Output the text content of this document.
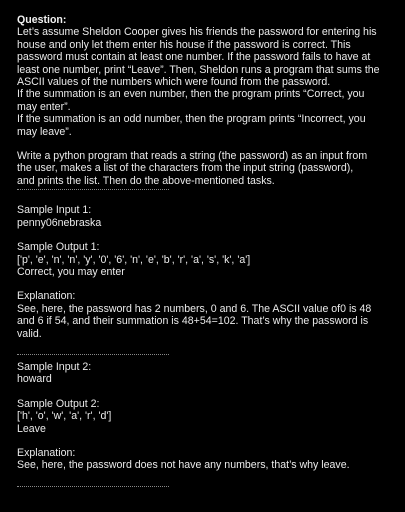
Question:

Let’s assume Sheldon Cooper gives his friends the password for entering his
house and only let them enter his house if the password is correct. This
password must contain at least one number. If the password fails to have at
least one number, print “Leave”. Then, Sheldon runs a program that sums the
ASCII values of the numbers which were found from the password.
If the summation is an even number, then the program prints “Correct, you
may enter”.
If the summation is an odd number, then the program prints “Incorrect, you
may leave”.

Write a python program that reads a string (the password) as an input from
the user, makes a list of the characters from the input string (password),
and prints the list. Then do the above-mentioned tasks.

Sample Input 1:
penny06nebraska

Sample Output 1:
['p', 'e', 'n', 'n', 'y', '0', '6', 'n', 'e', 'b', 'r', 'a', 's', 'k', 'a']
Correct, you may enter

Explanation:
See, here, the password has 2 numbers, 0 and 6. The ASCII value of0 is 48
and 6 if 54, and their summation is 48+54=102. That’s why the password is
valid.

Sample Input 2:
howard

Sample Output 2:
['h', 'o', 'w', 'a', 'r', 'd']
Leave

Explanation:
See, here, the password does not have any numbers, that’s why leave.
